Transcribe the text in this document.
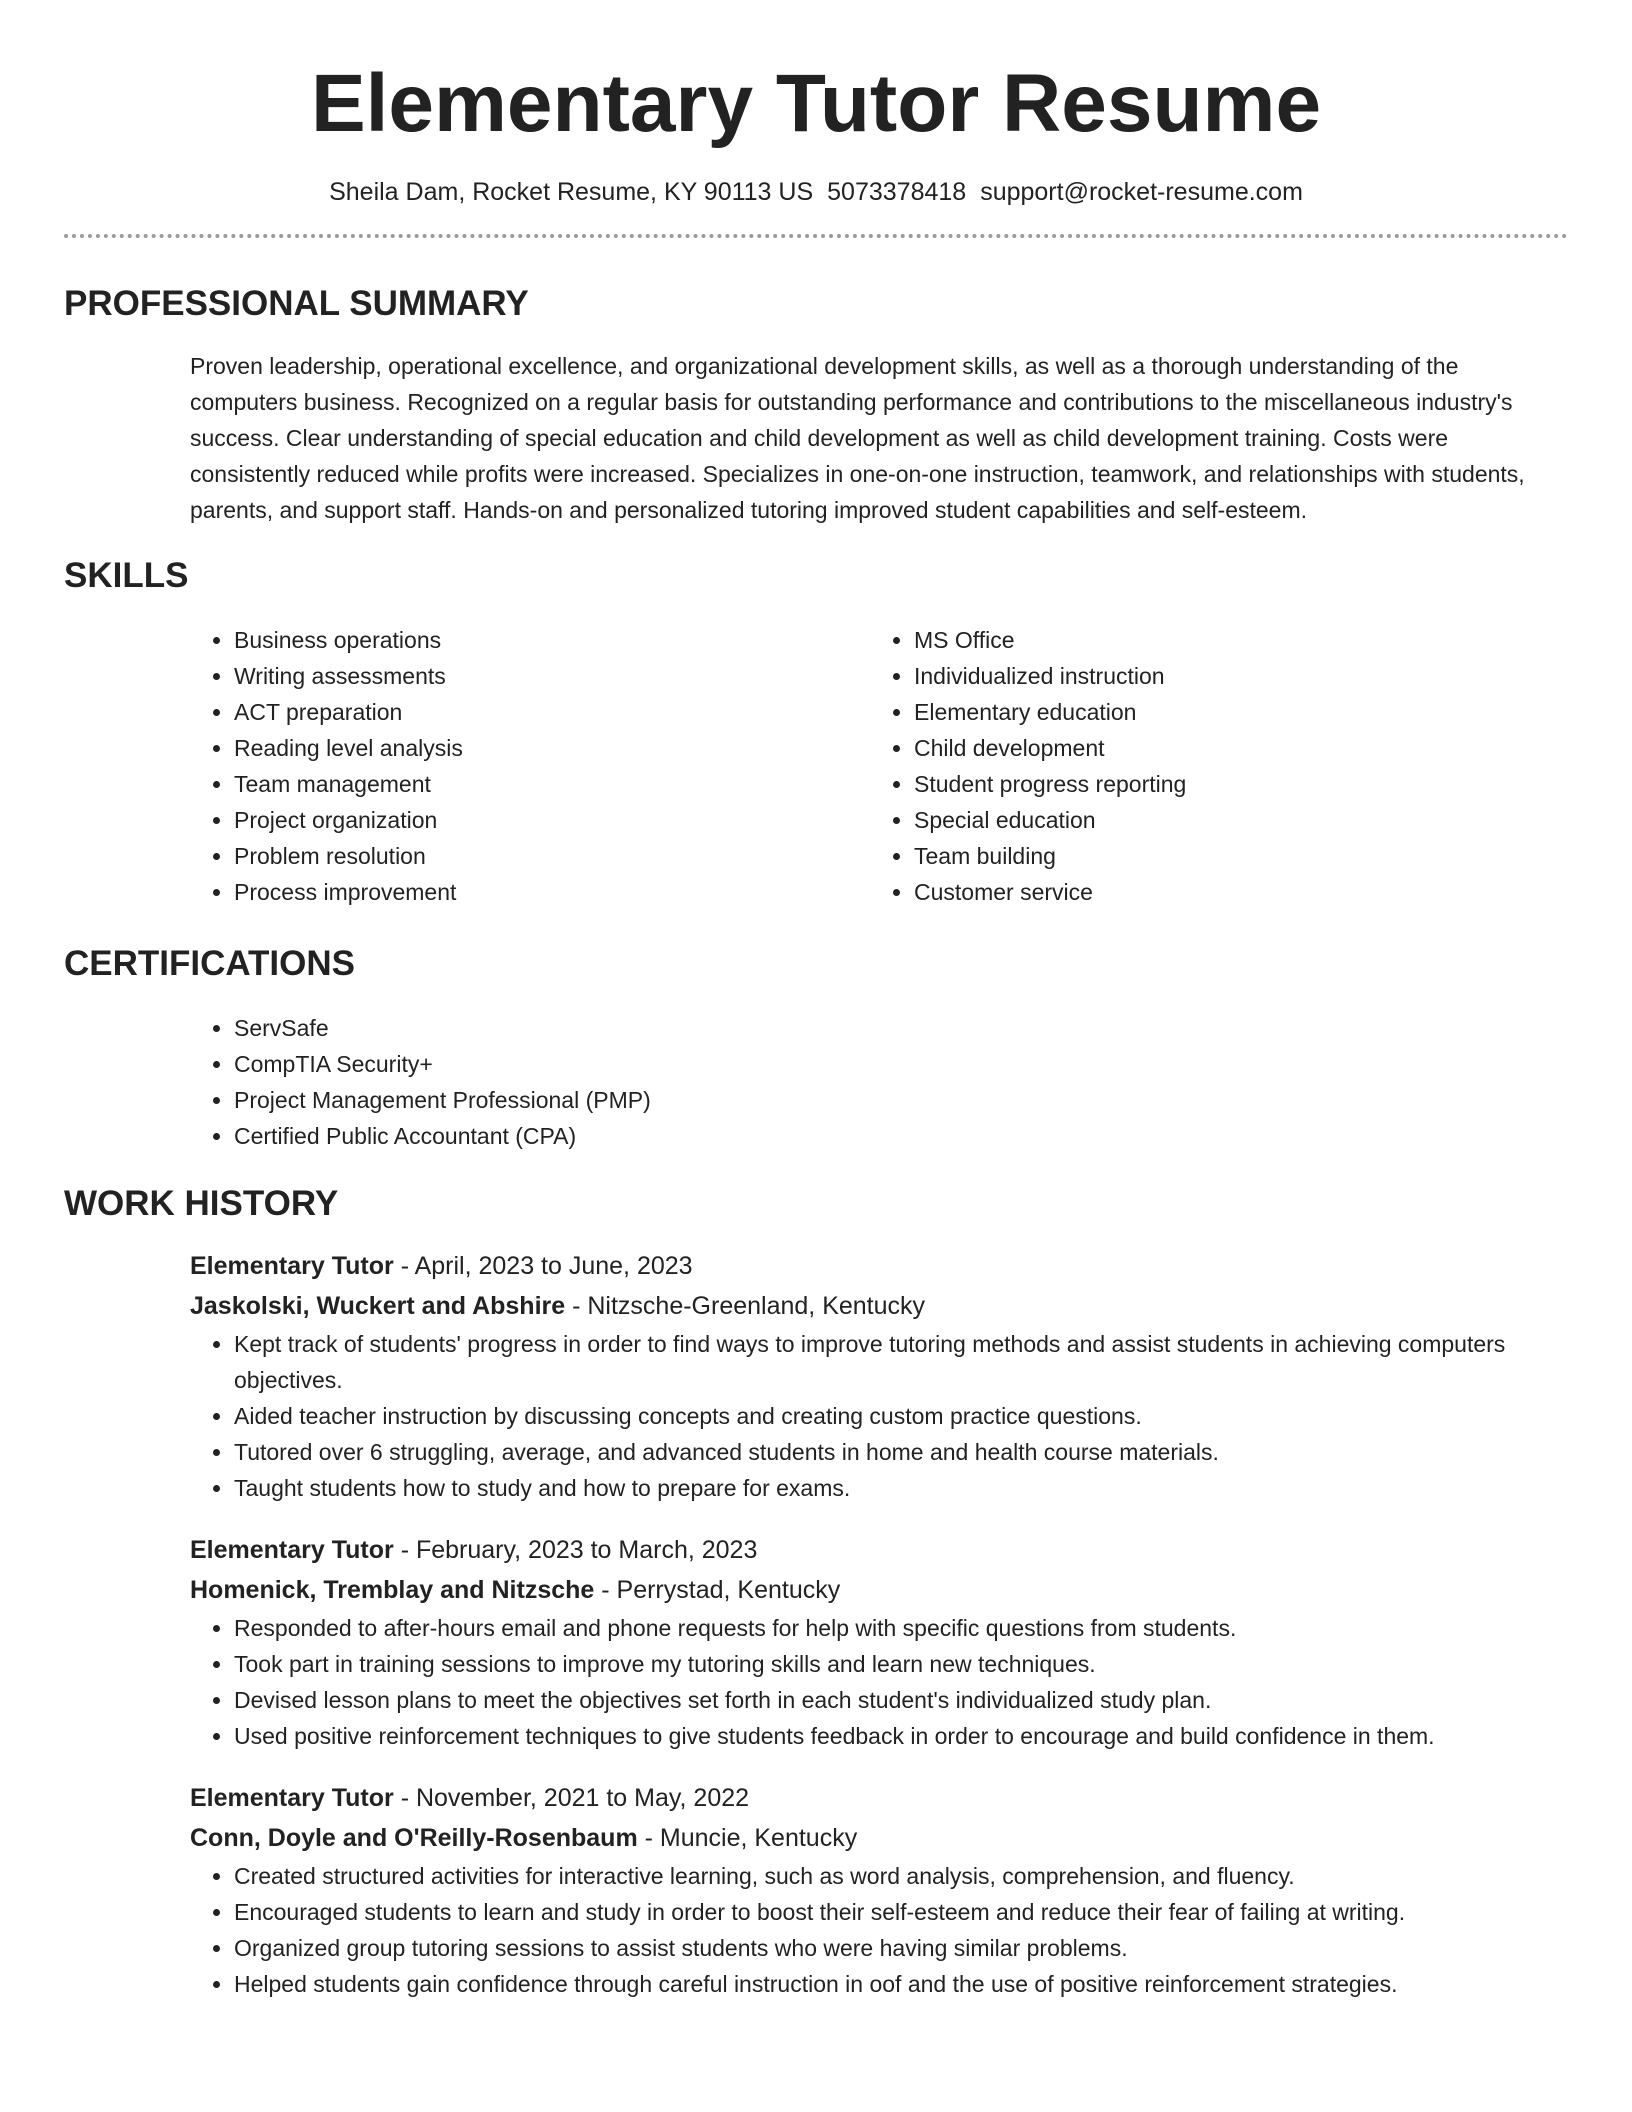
Elementary Tutor Resume
Sheila Dam, Rocket Resume, KY 90113 US 5073378418 support@rocket-resume.com
PROFESSIONAL SUMMARY

Proven leadership, operational excellence, and organizational development skills, as well as a thorough understanding of the computers business. Recognized on a regular basis for outstanding performance and contributions to the miscellaneous industry's success. Clear understanding of special education and child development as well as child development training. Costs were consistently reduced while profits were increased. Specializes in one-on-one instruction, teamwork, and relationships with students, parents, and support staff. Hands-on and personalized tutoring improved student capabilities and self-esteem.

SKILLS
• Business operations
• Writing assessments
• ACT preparation
• Reading level analysis
• Team management
• Project organization
• Problem resolution
• Process improvement
• MS Office
• Individualized instruction
• Elementary education
• Child development
• Student progress reporting
• Special education
• Team building
• Customer service
CERTIFICATIONS
• ServSafe
• CompTIA Security+
• Project Management Professional (PMP)
• Certified Public Accountant (CPA)
WORK HISTORY
Elementary Tutor - April, 2023 to June, 2023
Jaskolski, Wuckert and Abshire - Nitzsche-Greenland, Kentucky
• Kept track of students' progress in order to find ways to improve tutoring methods and assist students in achieving computers objectives.
• Aided teacher instruction by discussing concepts and creating custom practice questions.
• Tutored over 6 struggling, average, and advanced students in home and health course materials.
• Taught students how to study and how to prepare for exams.
Elementary Tutor - February, 2023 to March, 2023
Homenick, Tremblay and Nitzsche - Perrystad, Kentucky
• Responded to after-hours email and phone requests for help with specific questions from students.
• Took part in training sessions to improve my tutoring skills and learn new techniques.
• Devised lesson plans to meet the objectives set forth in each student's individualized study plan.
• Used positive reinforcement techniques to give students feedback in order to encourage and build confidence in them.
Elementary Tutor - November, 2021 to May, 2022
Conn, Doyle and O'Reilly-Rosenbaum - Muncie, Kentucky
• Created structured activities for interactive learning, such as word analysis, comprehension, and fluency.
• Encouraged students to learn and study in order to boost their self-esteem and reduce their fear of failing at writing.
• Organized group tutoring sessions to assist students who were having similar problems.
• Helped students gain confidence through careful instruction in oof and the use of positive reinforcement strategies.
